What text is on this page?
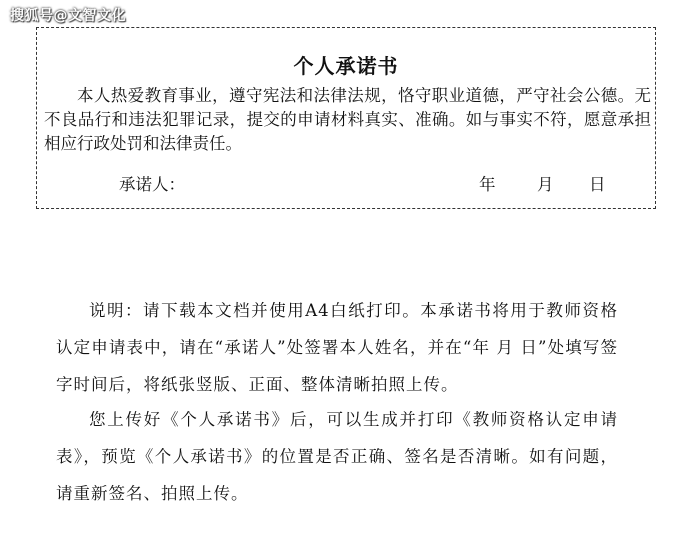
搜狐号@文智文化
个人承诺书
本人热爱教育事业，遵守宪法和法律法规，恪守职业道德，严守社会公德。无不良品行和违法犯罪记录，提交的申请材料真实、准确。如与事实不符，愿意承担相应行政处罚和法律责任。
承诺人：	年	月 日

说明：请下载本文档并使用A4白纸打印。本承诺书将用于教师资格认定申请表中，请在“承诺人”处签署本人姓名，并在“年 月 日”处填写签字时间后，将纸张竖版、正面、整体清晰拍照上传。

您上传好《个人承诺书》后，可以生成并打印《教师资格认定申请表》，预览《个人承诺书》的位置是否正确、签名是否清晰。如有问题，请重新签名、拍照上传。
